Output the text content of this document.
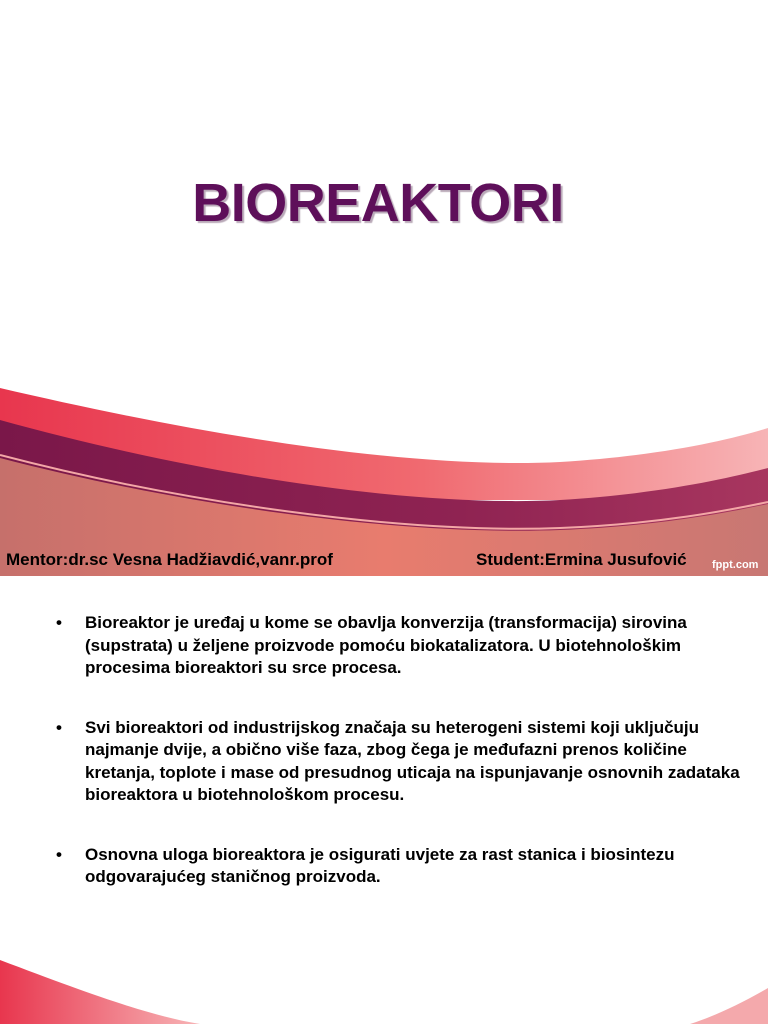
BIOREAKTORI
Mentor:dr.sc Vesna Hadžiavdić,vanr.prof	Student:Ermina Jusufović fppt.com
• Bioreaktor je uređaj u kome se obavlja konverzija (transformacija) sirovina (supstrata) u željene proizvode pomoću biokatalizatora. U biotehnološkim procesima bioreaktori su srce procesa.
• Svi bioreaktori od industrijskog značaja su heterogeni sistemi koji uključuju najmanje dvije, a obično više faza, zbog čega je međufazni prenos količine kretanja, toplote i mase od presudnog uticaja na ispunjavanje osnovnih zadataka bioreaktora u biotehnološkom procesu.
• Osnovna uloga bioreaktora je osigurati uvjete za rast stanica i biosintezu odgovarajućeg staničnog proizvoda.
